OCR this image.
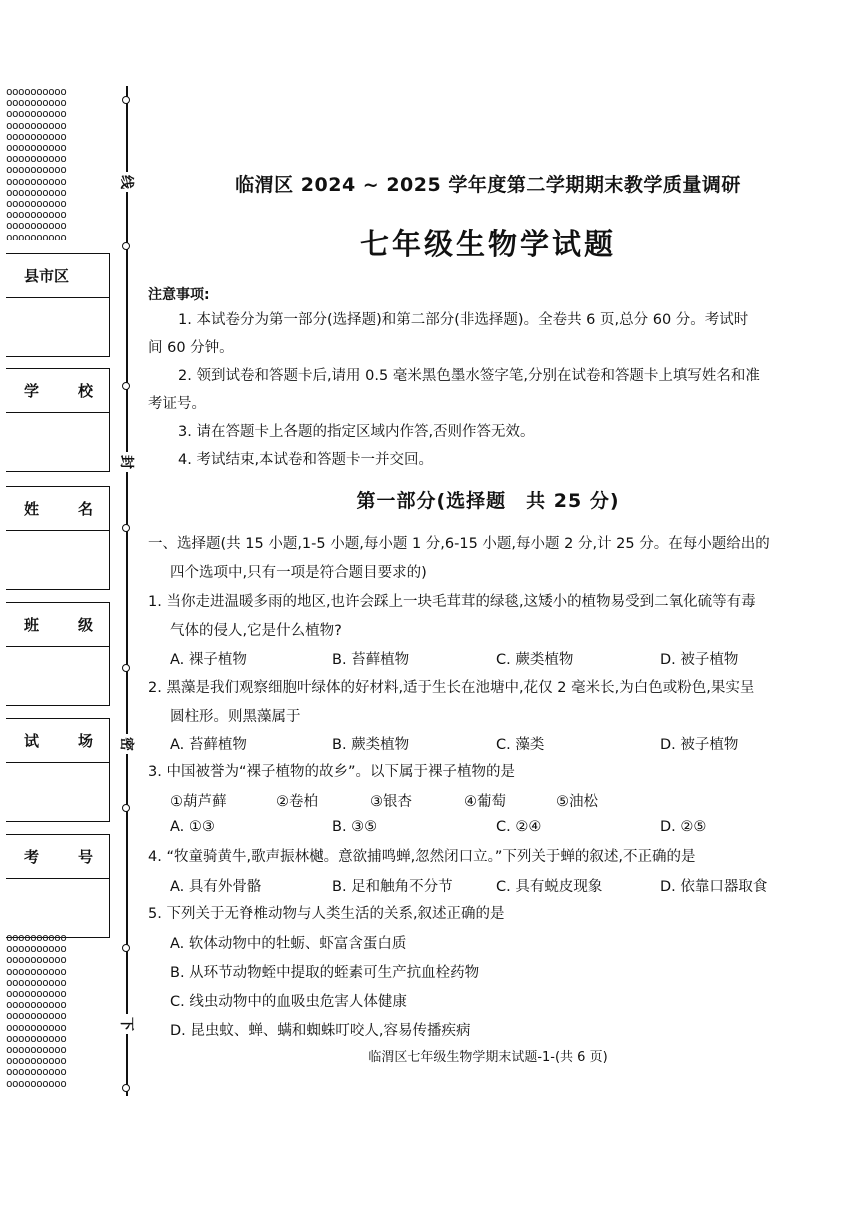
oooooooooo
oooooooooo
oooooooooo
oooooooooo
oooooooooo
oooooooooo
oooooooooo
oooooooooo
oooooooooo
oooooooooo
oooooooooo
oooooooooo
oooooooooo
oooooooooo
县市区
学	校
姓	名
班	级
试	场
考	号
oooooooooo
oooooooooo
oooooooooo
oooooooooo
oooooooooo
oooooooooo
oooooooooo
oooooooooo
oooooooooo
oooooooooo
oooooooooo
oooooooooo
oooooooooo
oooooooooo
线
封
密
下
临渭区 2024 ~ 2025 学年度第二学期期末教学质量调研
七年级生物学试题
注意事项:
1. 本试卷分为第一部分(选择题)和第二部分(非选择题)。全卷共 6 页,总分 60 分。考试时
间 60 分钟。
2. 领到试卷和答题卡后,请用 0.5 毫米黑色墨水签字笔,分别在试卷和答题卡上填写姓名和准
考证号。
3. 请在答题卡上各题的指定区域内作答,否则作答无效。
4. 考试结束,本试卷和答题卡一并交回。
第一部分(选择题　共 25 分)
一、选择题(共 15 小题,1-5 小题,每小题 1 分,6-15 小题,每小题 2 分,计 25 分。在每小题给出的
四个选项中,只有一项是符合题目要求的)
1. 当你走进温暖多雨的地区,也许会踩上一块毛茸茸的绿毯,这矮小的植物易受到二氧化硫等有毒
气体的侵人,它是什么植物?
A. 裸子植物	B. 苔藓植物	C. 蕨类植物	D. 被子植物
2. 黑藻是我们观察细胞叶绿体的好材料,适于生长在池塘中,花仅 2 毫米长,为白色或粉色,果实呈
圆柱形。则黑藻属于
A. 苔藓植物	B. 蕨类植物	C. 藻类	D. 被子植物
3. 中国被誉为“裸子植物的故乡”。以下属于裸子植物的是
①葫芦藓	②卷柏	③银杏	④葡萄	⑤油松
A. ①③	B. ③⑤	C. ②④	D. ②⑤
4. “牧童骑黄牛,歌声振林樾。意欲捕鸣蝉,忽然闭口立。”下列关于蝉的叙述,不正确的是
A. 具有外骨骼	B. 足和触角不分节	C. 具有蜕皮现象	D. 依靠口器取食
5. 下列关于无脊椎动物与人类生活的关系,叙述正确的是
A. 软体动物中的牡蛎、虾富含蛋白质
B. 从环节动物蛭中提取的蛭素可生产抗血栓药物
C. 线虫动物中的血吸虫危害人体健康
D. 昆虫蚊、蝉、螨和蜘蛛叮咬人,容易传播疾病
临渭区七年级生物学期末试题-1-(共 6 页)
